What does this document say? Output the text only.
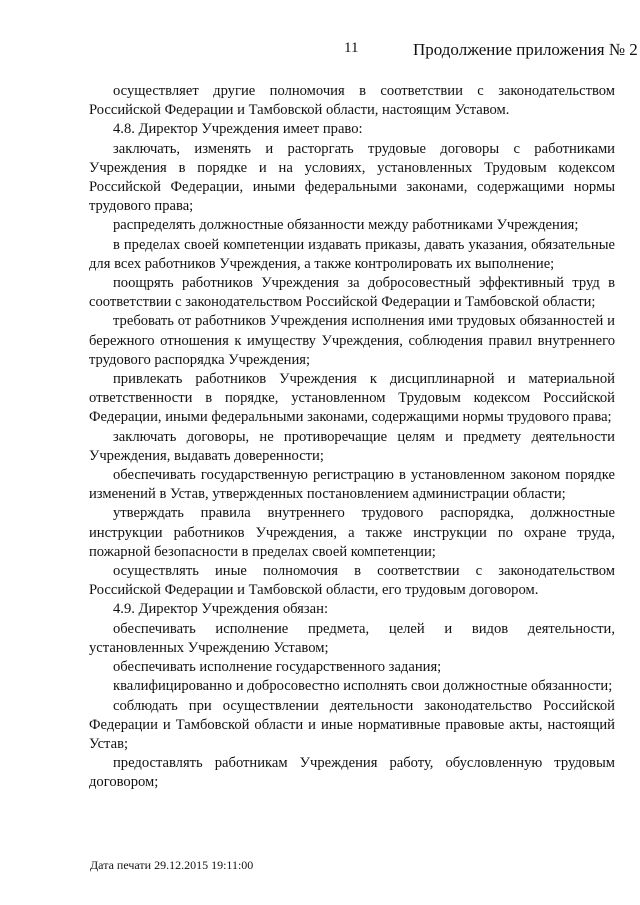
11	Продолжение приложения № 2

осуществляет другие полномочия в соответствии с законодательством Российской Федерации и Тамбовской области, настоящим Уставом.

4.8. Директор Учреждения имеет право:

заключать, изменять и расторгать трудовые договоры с работниками Учреждения в порядке и на условиях, установленных Трудовым кодексом Российской Федерации, иными федеральными законами, содержащими нормы трудового права;

распределять должностные обязанности между работниками Учреждения;

в пределах своей компетенции издавать приказы, давать указания, обязательные для всех работников Учреждения, а также контролировать их выполнение;

поощрять работников Учреждения за добросовестный эффективный труд в соответствии с законодательством Российской Федерации и Тамбовской области;

требовать от работников Учреждения исполнения ими трудовых обязанностей и бережного отношения к имуществу Учреждения, соблюдения правил внутреннего трудового распорядка Учреждения;

привлекать работников Учреждения к дисциплинарной и материальной ответственности в порядке, установленном Трудовым кодексом Российской Федерации, иными федеральными законами, содержащими нормы трудового права;

заключать договоры, не противоречащие целям и предмету деятельности Учреждения, выдавать доверенности;

обеспечивать государственную регистрацию в установленном законом порядке изменений в Устав, утвержденных постановлением администрации области;

утверждать правила внутреннего трудового распорядка, должностные инструкции работников Учреждения, а также инструкции по охране труда, пожарной безопасности в пределах своей компетенции;

осуществлять иные полномочия в соответствии с законодательством Российской Федерации и Тамбовской области, его трудовым договором.

4.9. Директор Учреждения обязан:

обеспечивать исполнение предмета, целей и видов деятельности, установленных Учреждению Уставом;

обеспечивать исполнение государственного задания;

квалифицированно и добросовестно исполнять свои должностные обязанности;

соблюдать при осуществлении деятельности законодательство Российской Федерации и Тамбовской области и иные нормативные правовые акты, настоящий Устав;

предоставлять работникам Учреждения работу, обусловленную трудовым договором;

Дата печати 29.12.2015 19:11:00
